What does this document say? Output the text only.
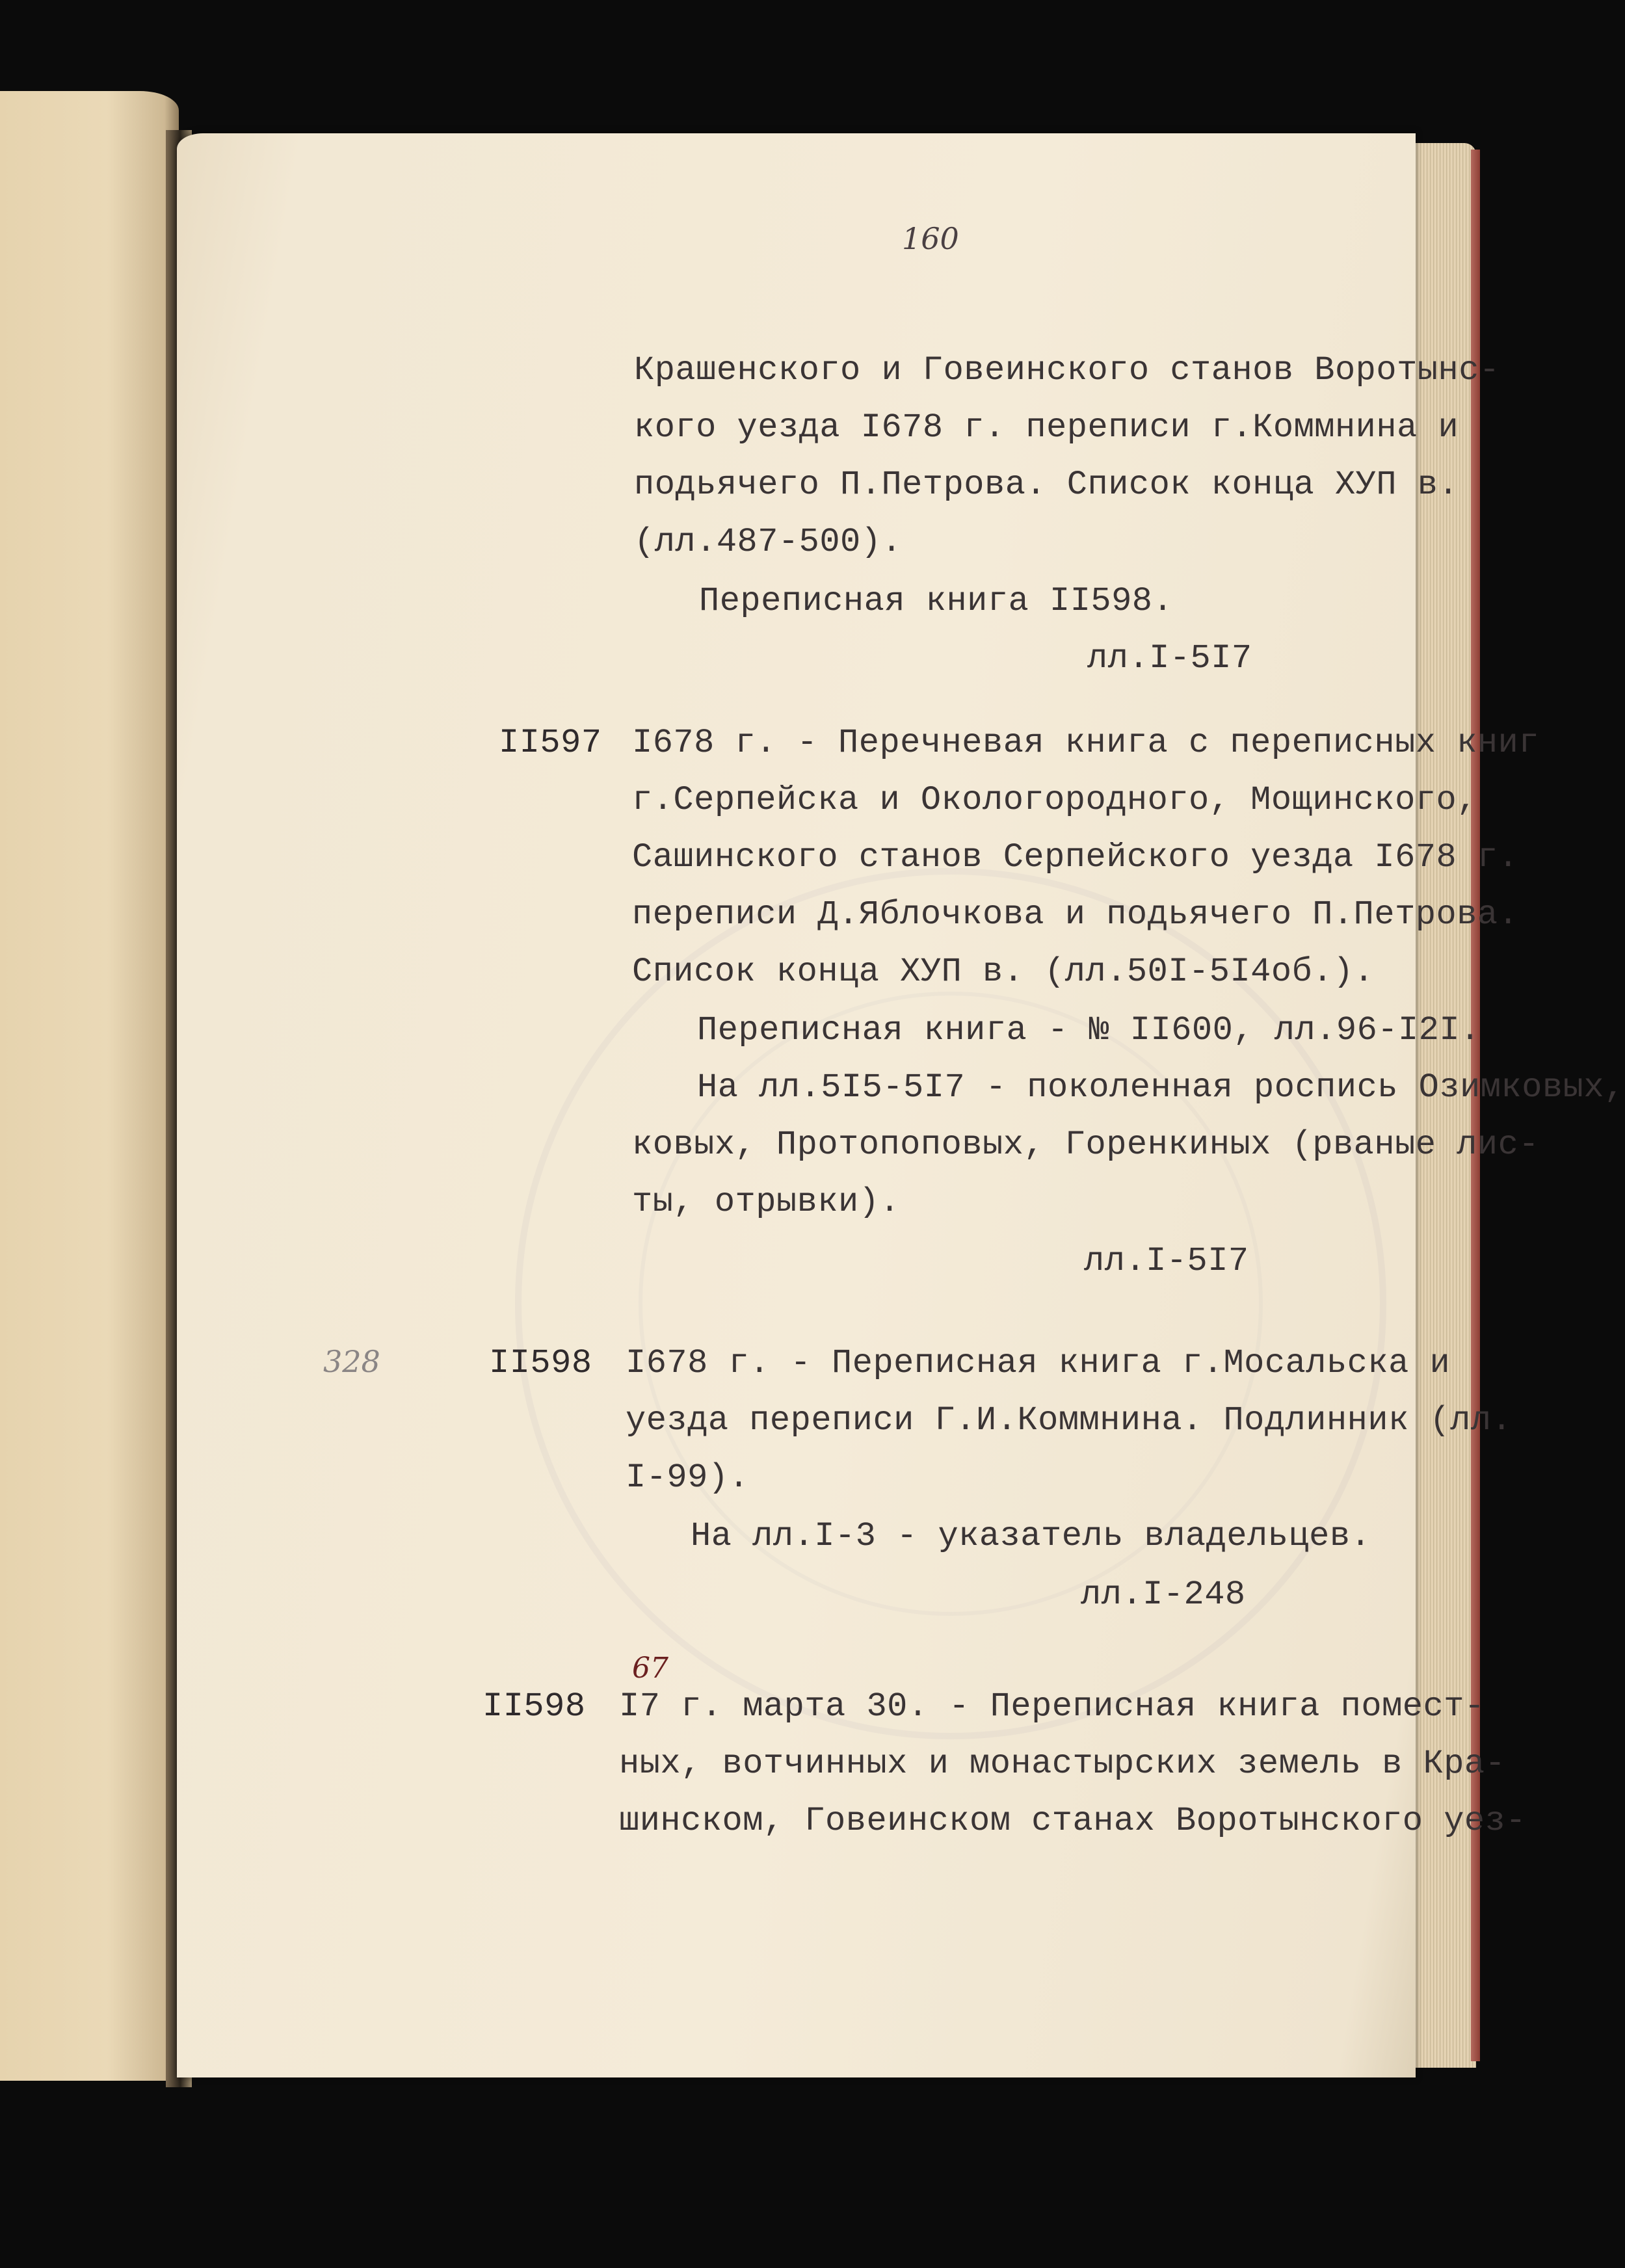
160
Крашенского и Говеинского станов Воротынс-
кого уезда I678 г. переписи г.Коммнина и
подьячего П.Петрова. Список конца ХУП в.
(лл.487-500).
Переписная книга II598.
лл.I-5I7
II597 I678 г. - Перечневая книга с переписных книг
г.Серпейска и Окологородного, Мощинского,
Сашинского станов Серпейского уезда I678 г.
переписи Д.Яблочкова и подьячего П.Петрова.
Список конца ХУП в. (лл.50I-5I4об.).
Переписная книга - № II600, лл.96-I2I.
На лл.5I5-5I7 - поколенная роспись Озимковых,
ковых, Протопоповых, Горенкиных (рваные лис-
ты, отрывки).
лл.I-5I7
328	II598 I678 г. - Переписная книга г.Мосальска и
уезда переписи Г.И.Коммнина. Подлинник (лл.
I-99).
На лл.I-3 - указатель владельцев.
лл.I-248
67
II598 I7 г. марта 30. - Переписная книга помест-
ных, вотчинных и монастырских земель в Кра-
шинском, Говеинском станах Воротынского уез-
